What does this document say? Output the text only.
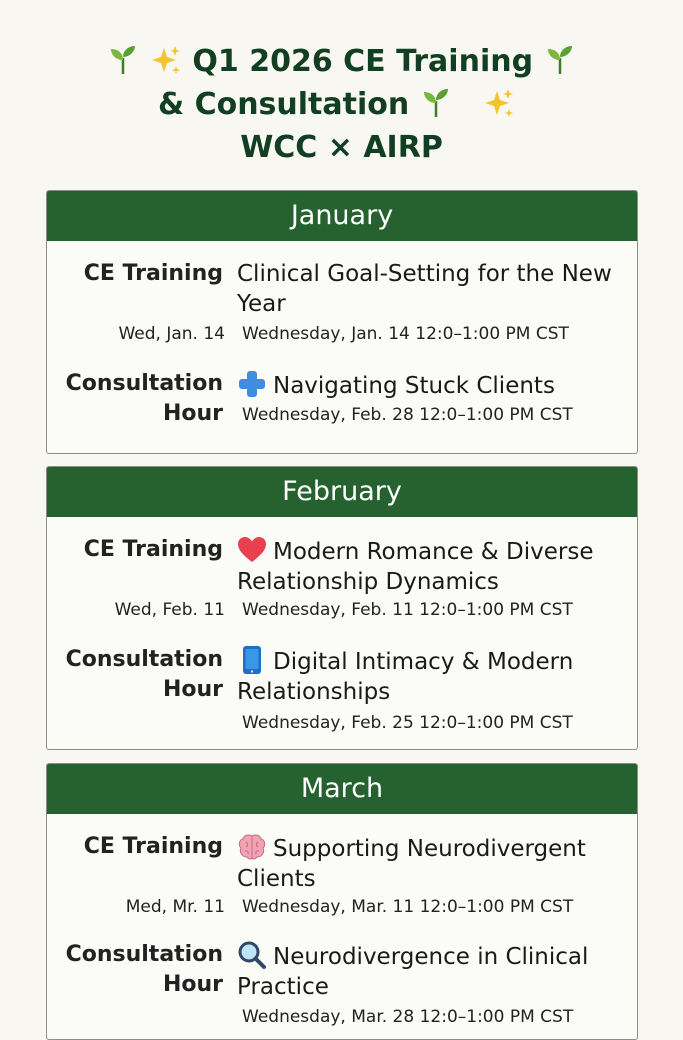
Q1 2026 CE Training
& Consultation
WCC × AIRP
January
CE Training Clinical Goal-Setting for the New Year
Wed, Jan. 14 Wednesday, Jan. 14 12:0–1:00 PM CST
Consultation
Hour
Navigating Stuck Clients
Wednesday, Feb. 28 12:0–1:00 PM CST
February
CE Training	Modern Romance & Diverse Relationship Dynamics
Wed, Feb. 11 Wednesday, Feb. 11 12:0–1:00 PM CST
Consultation
Hour
Digital Intimacy & Modern Relationships
Wednesday, Feb. 25 12:0–1:00 PM CST
March
CE Training	Supporting Neurodivergent Clients
Med, Mr. 11 Wednesday, Mar. 11 12:0–1:00 PM CST
Consultation
Hour
Neurodivergence in Clinical Practice
Wednesday, Mar. 28 12:0–1:00 PM CST
